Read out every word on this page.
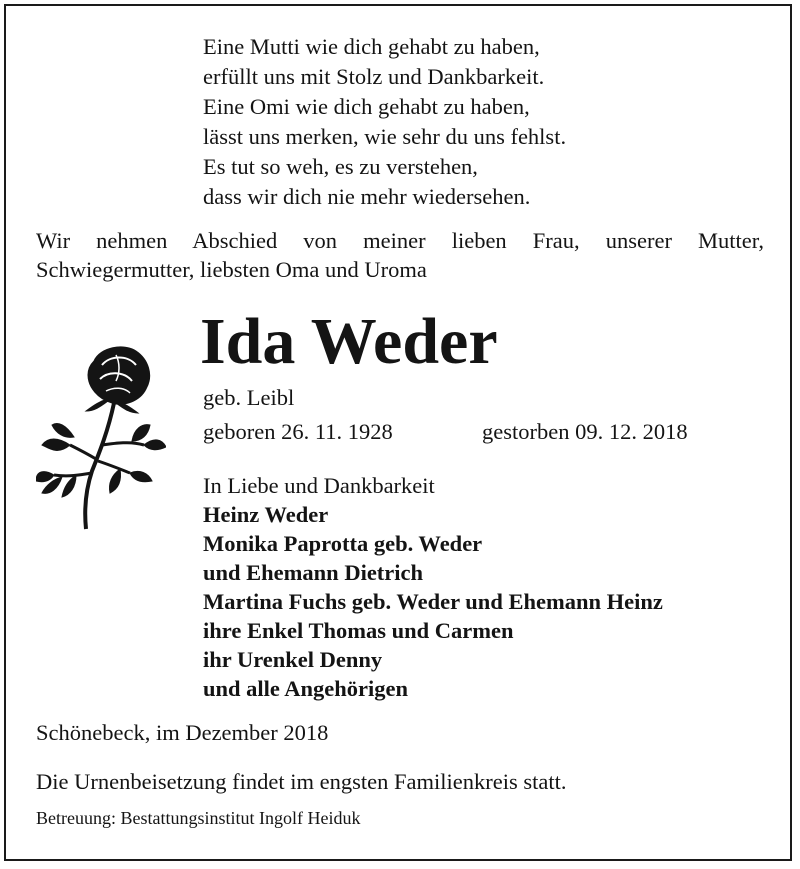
Eine Mutti wie dich gehabt zu haben,
erfüllt uns mit Stolz und Dankbarkeit.
Eine Omi wie dich gehabt zu haben,
lässt uns merken, wie sehr du uns fehlst.
Es tut so weh, es zu verstehen,
dass wir dich nie mehr wiedersehen.
Wir nehmen Abschied von meiner lieben Frau, unserer Mutter,
Schwiegermutter, liebsten Oma und Uroma
Ida Weder
geb. Leibl
geboren 26. 11. 1928	gestorben 09. 12. 2018
In Liebe und Dankbarkeit
Heinz Weder
Monika Paprotta geb. Weder
und Ehemann Dietrich
Martina Fuchs geb. Weder und Ehemann Heinz
ihre Enkel Thomas und Carmen
ihr Urenkel Denny
und alle Angehörigen
Schönebeck, im Dezember 2018
Die Urnenbeisetzung findet im engsten Familienkreis statt.
Betreuung: Bestattungsinstitut Ingolf Heiduk
